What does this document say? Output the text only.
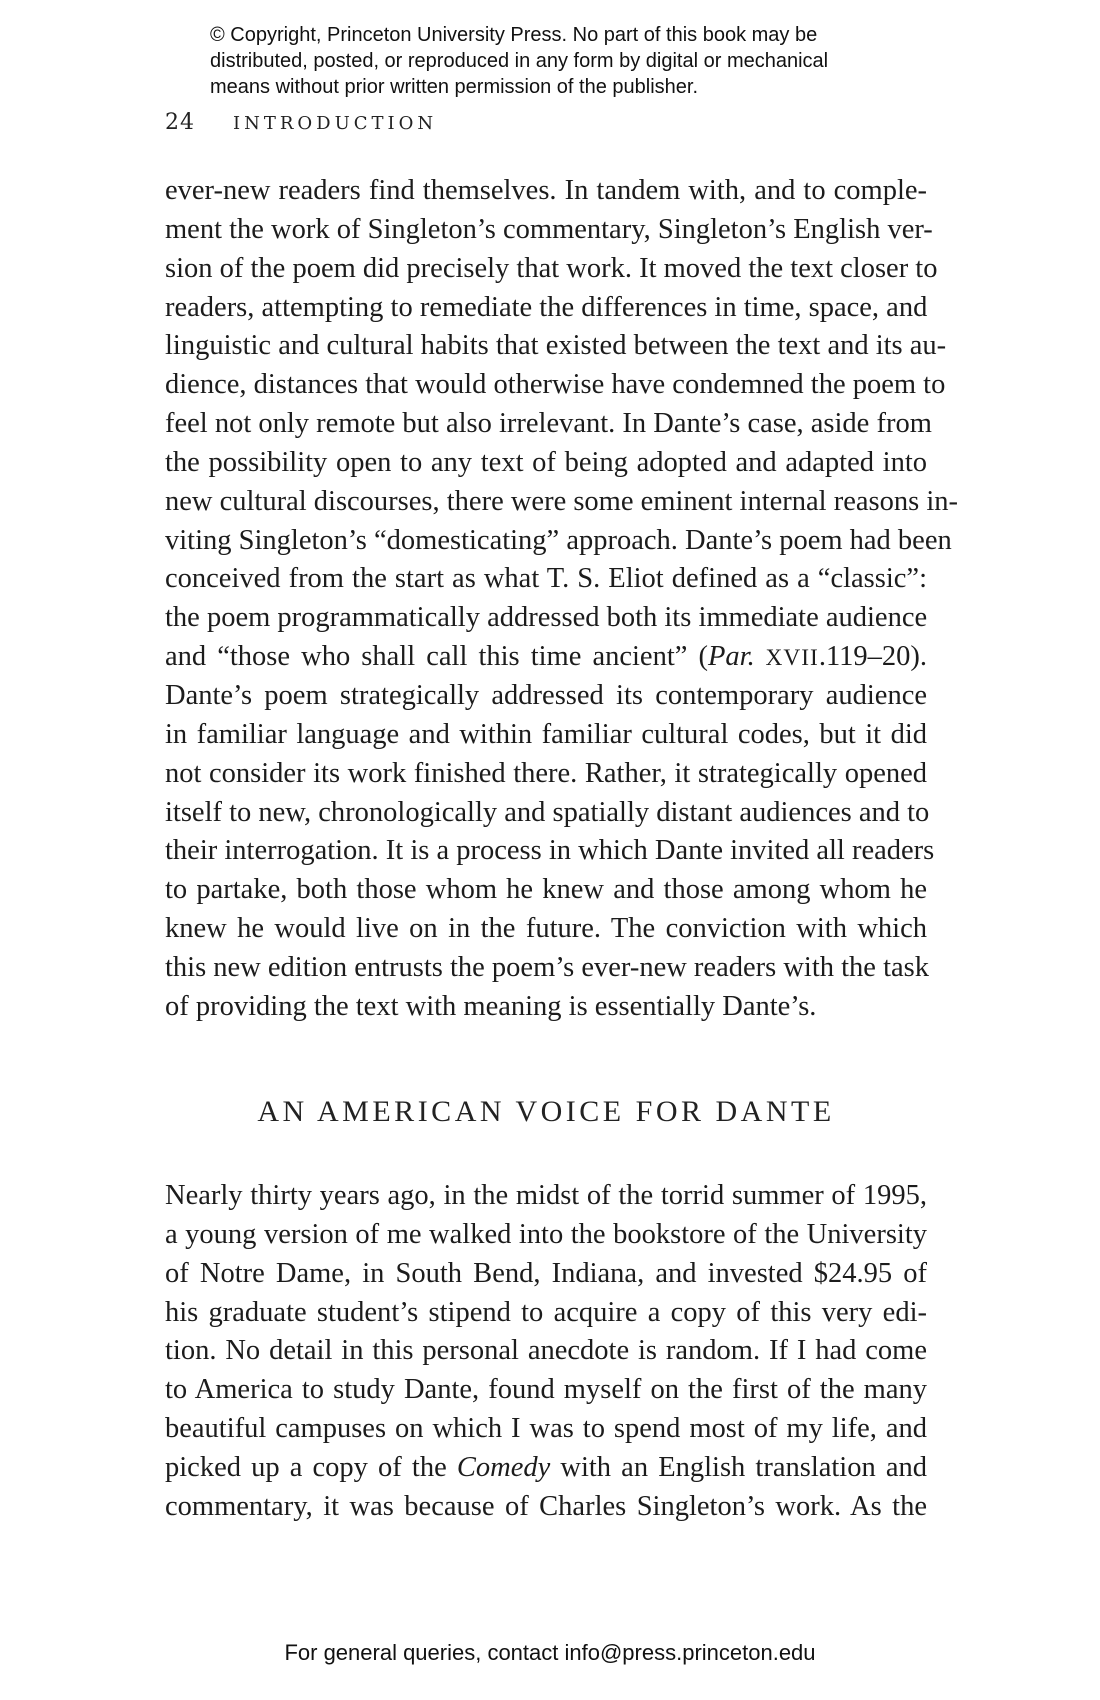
© Copyright, Princeton University Press. No part of this book may be
distributed, posted, or reproduced in any form by digital or mechanical
means without prior written permission of the publisher.
24 INTRODUCTION
ever-new readers find themselves. In tandem with, and to comple-
ment the work of Singleton’s commentary, Singleton’s English ver-
sion of the poem did precisely that work. It moved the text closer to
readers, attempting to remediate the differences in time, space, and
linguistic and cultural habits that existed between the text and its au-
dience, distances that would otherwise have condemned the poem to
feel not only remote but also irrelevant. In Dante’s case, aside from
the possibility open to any text of being adopted and adapted into
new cultural discourses, there were some eminent internal reasons in-
viting Singleton’s “domesticating” approach. Dante’s poem had been
conceived from the start as what T. S. Eliot defined as a “classic”:
the poem programmatically addressed both its immediate audience
and “those who shall call this time ancient” (Par. XVII.119–20).
Dante’s poem strategically addressed its contemporary audience
in familiar language and within familiar cultural codes, but it did
not consider its work finished there. Rather, it strategically opened
itself to new, chronologically and spatially distant audiences and to
their interrogation. It is a process in which Dante invited all readers
to partake, both those whom he knew and those among whom he
knew he would live on in the future. The conviction with which
this new edition entrusts the poem’s ever-new readers with the task
of providing the text with meaning is essentially Dante’s.
AN AMERICAN VOICE FOR DANTE
Nearly thirty years ago, in the midst of the torrid summer of 1995,
a young version of me walked into the bookstore of the University
of Notre Dame, in South Bend, Indiana, and invested $24.95 of
his graduate student’s stipend to acquire a copy of this very edi-
tion. No detail in this personal anecdote is random. If I had come
to America to study Dante, found myself on the first of the many
beautiful campuses on which I was to spend most of my life, and
picked up a copy of the Comedy with an English translation and
commentary, it was because of Charles Singleton’s work. As the
For general queries, contact info@press.princeton.edu
